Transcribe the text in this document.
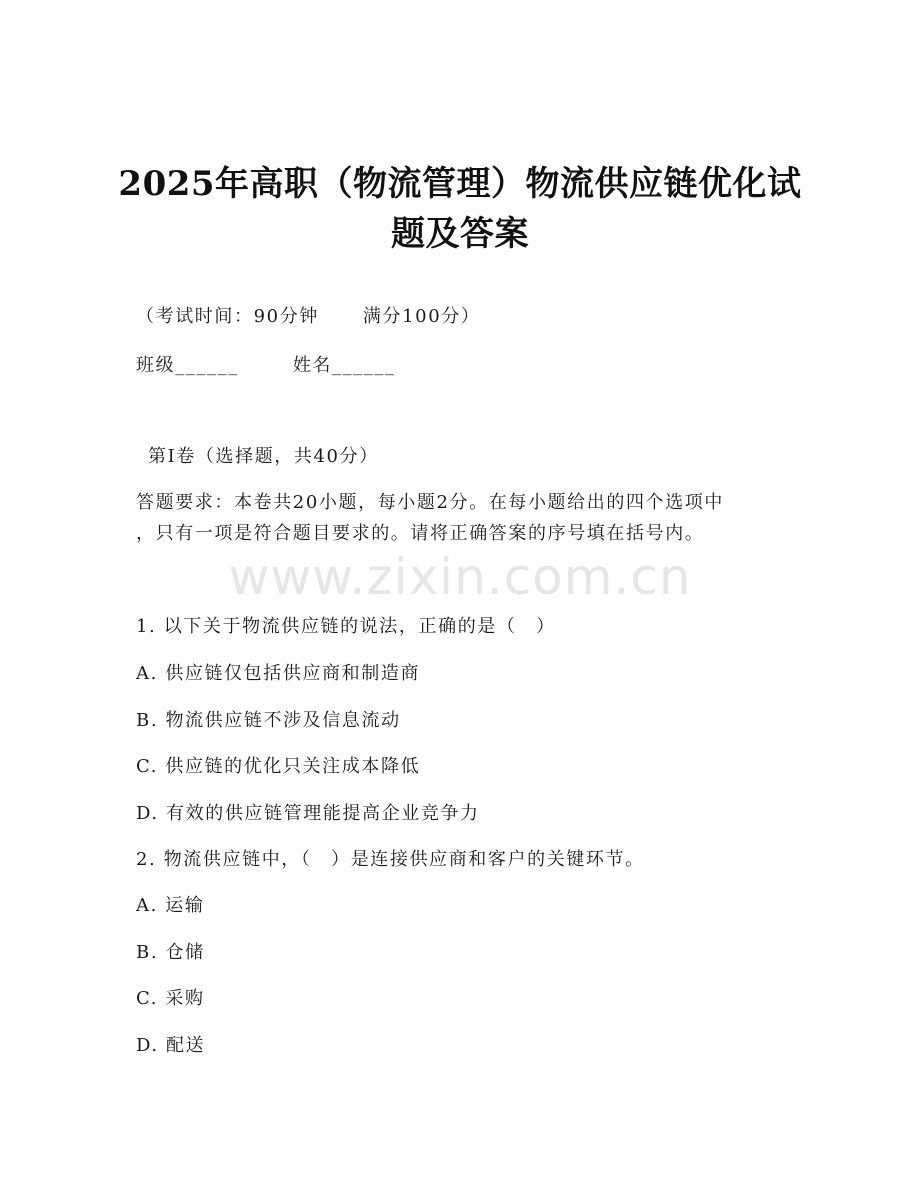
2025年高职（物流管理）物流供应链优化试
题及答案
（考试时间：90分钟 满分100分）
班级______	姓名______
第Ⅰ卷（选择题，共40分）
答题要求：本卷共20小题，每小题2分。在每小题给出的四个选项中
，只有一项是符合题目要求的。请将正确答案的序号填在括号内。
www.zixin.com.cn
1. 以下关于物流供应链的说法，正确的是（　）
A. 供应链仅包括供应商和制造商
B. 物流供应链不涉及信息流动
C. 供应链的优化只关注成本降低
D. 有效的供应链管理能提高企业竞争力
2. 物流供应链中，（　）是连接供应商和客户的关键环节。
A. 运输
B. 仓储
C. 采购
D. 配送
